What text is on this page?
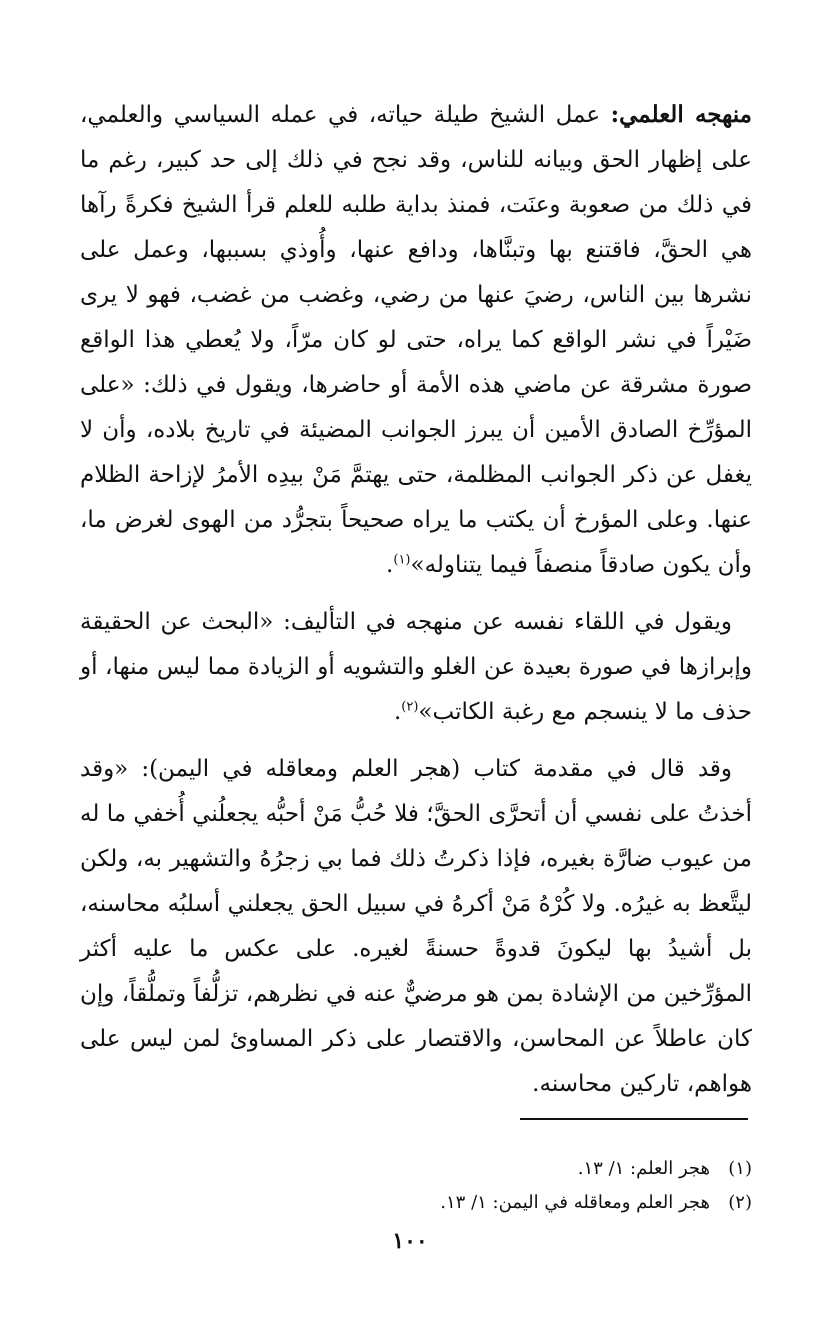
منهجه العلمي: عمل الشيخ طيلة حياته، في عمله السياسي والعلمي، على إظهار الحق وبيانه للناس، وقد نجح في ذلك إلى حد كبير، رغم ما في ذلك من صعوبة وعنَت، فمنذ بداية طلبه للعلم قرأ الشيخ فكرةً رآها هي الحقَّ، فاقتنع بها وتبنَّاها، ودافع عنها، وأُوذي بسببها، وعمل على نشرها بين الناس، رضيَ عنها من رضي، وغضب من غضب، فهو لا يرى ضَيْراً في نشر الواقع كما يراه، حتى لو كان مرّاً، ولا يُعطي هذا الواقع صورة مشرقة عن ماضي هذه الأمة أو حاضرها، ويقول في ذلك: «على المؤرِّخ الصادق الأمين أن يبرز الجوانب المضيئة في تاريخ بلاده، وأن لا يغفل عن ذكر الجوانب المظلمة، حتى يهتمَّ مَنْ بيدِه الأمرُ لإزاحة الظلام عنها. وعلى المؤرخ أن يكتب ما يراه صحيحاً بتجرُّد من الهوى لغرض ما، وأن يكون صادقاً منصفاً فيما يتناوله»$^{(١)}$.

ويقول في اللقاء نفسه عن منهجه في التأليف: «البحث عن الحقيقة وإبرازها في صورة بعيدة عن الغلو والتشويه أو الزيادة مما ليس منها، أو حذف ما لا ينسجم مع رغبة الكاتب»$^{(٢)}$.

وقد قال في مقدمة كتاب (هجر العلم ومعاقله في اليمن): «وقد أخذتُ على نفسي أن أتحرَّى الحقَّ؛ فلا حُبُّ مَنْ أحبُّه يجعلُني أُخفي ما له من عيوب ضارَّة بغيره، فإذا ذكرتُ ذلك فما بي زجرُهُ والتشهير به، ولكن ليتَّعظ به غيرُه. ولا كُرْهُ مَنْ أكرهُ في سبيل الحق يجعلني أسلبُه محاسنه، بل أشيدُ بها ليكونَ قدوةً حسنةً لغيره. على عكس ما عليه أكثر المؤرِّخين من الإشادة بمن هو مرضيٌّ عنه في نظرهم، تزلُّفاً وتملُّقاً، وإن كان عاطلاً عن المحاسن، والاقتصار على ذكر المساوئ لمن ليس على هواهم، تاركين محاسنه.

(١)
هجر العلم: ١/ ١٣.
(٢)
هجر العلم ومعاقله في اليمن: ١/ ١٣.
١٠٠
